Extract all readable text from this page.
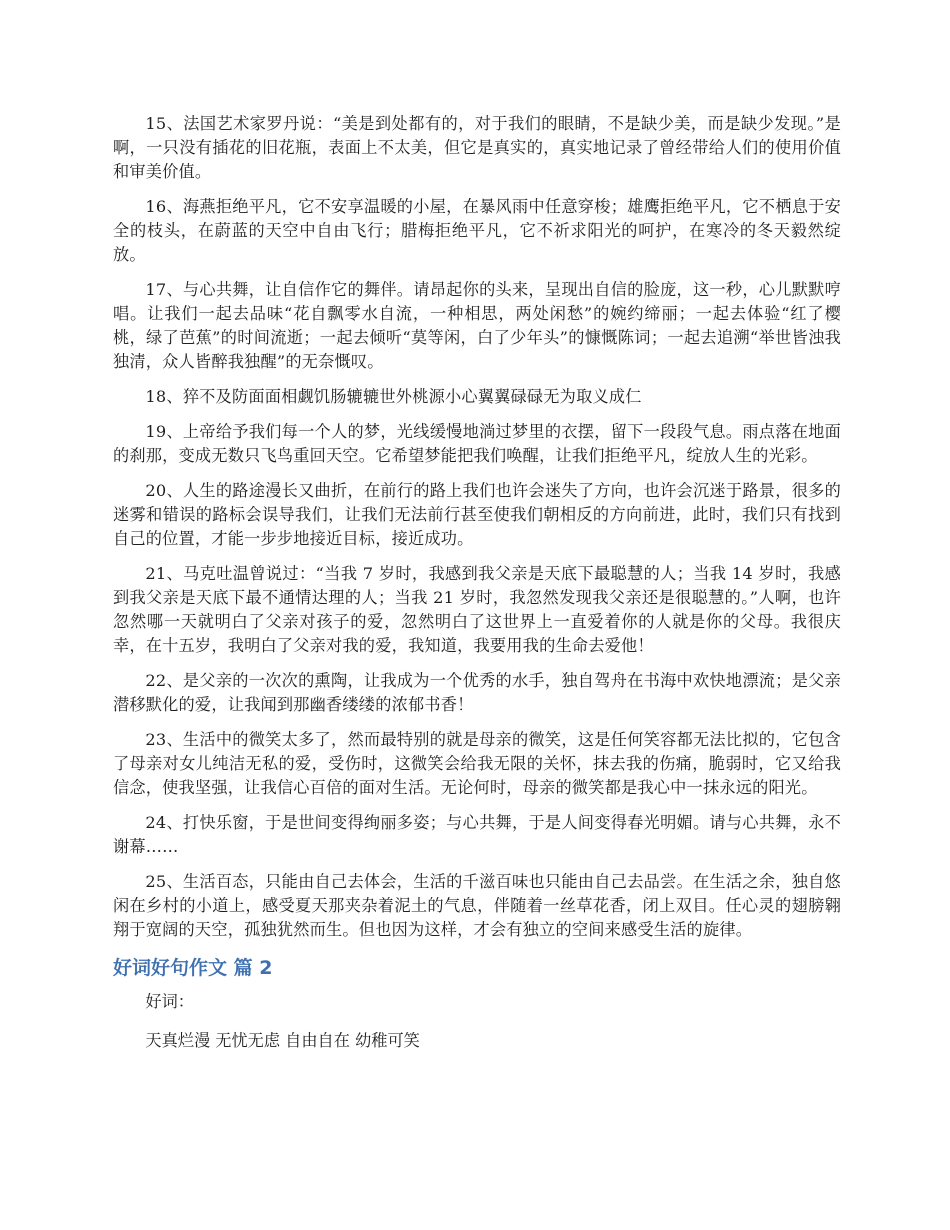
15、法国艺术家罗丹说：“美是到处都有的，对于我们的眼睛，不是缺少美，而是缺少发现。”是啊，一只没有插花的旧花瓶，表面上不太美，但它是真实的，真实地记录了曾经带给人们的使用价值和审美价值。

16、海燕拒绝平凡，它不安享温暖的小屋，在暴风雨中任意穿梭；雄鹰拒绝平凡，它不栖息于安全的枝头，在蔚蓝的天空中自由飞行；腊梅拒绝平凡，它不祈求阳光的呵护，在寒冷的冬天毅然绽放。

17、与心共舞，让自信作它的舞伴。请昂起你的头来，呈现出自信的脸庞，这一秒，心儿默默哼唱。让我们一起去品味“花自飘零水自流，一种相思，两处闲愁”的婉约缔丽；一起去体验“红了樱桃，绿了芭蕉”的时间流逝；一起去倾听“莫等闲，白了少年头”的慷慨陈词；一起去追溯“举世皆浊我独清，众人皆醉我独醒”的无奈慨叹。

18、猝不及防面面相觑饥肠辘辘世外桃源小心翼翼碌碌无为取义成仁

19、上帝给予我们每一个人的梦，光线缓慢地淌过梦里的衣摆，留下一段段气息。雨点落在地面的刹那，变成无数只飞鸟重回天空。它希望梦能把我们唤醒，让我们拒绝平凡，绽放人生的光彩。

20、人生的路途漫长又曲折，在前行的路上我们也许会迷失了方向，也许会沉迷于路景，很多的迷雾和错误的路标会误导我们，让我们无法前行甚至使我们朝相反的方向前进，此时，我们只有找到自己的位置，才能一步步地接近目标，接近成功。

21、马克吐温曾说过：“当我 7 岁时，我感到我父亲是天底下最聪慧的人；当我 14 岁时，我感到我父亲是天底下最不通情达理的人；当我 21 岁时，我忽然发现我父亲还是很聪慧的。”人啊，也许忽然哪一天就明白了父亲对孩子的爱，忽然明白了这世界上一直爱着你的人就是你的父母。我很庆幸，在十五岁，我明白了父亲对我的爱，我知道，我要用我的生命去爱他！

22、是父亲的一次次的熏陶，让我成为一个优秀的水手，独自驾舟在书海中欢快地漂流；是父亲潜移默化的爱，让我闻到那幽香缕缕的浓郁书香！

23、生活中的微笑太多了，然而最特别的就是母亲的微笑，这是任何笑容都无法比拟的，它包含了母亲对女儿纯洁无私的爱，受伤时，这微笑会给我无限的关怀，抹去我的伤痛，脆弱时，它又给我信念，使我坚强，让我信心百倍的面对生活。无论何时，母亲的微笑都是我心中一抹永远的阳光。

24、打快乐窗，于是世间变得绚丽多姿；与心共舞，于是人间变得春光明媚。请与心共舞，永不谢幕……

25、生活百态，只能由自己去体会，生活的千滋百味也只能由自己去品尝。在生活之余，独自悠闲在乡村的小道上，感受夏天那夹杂着泥土的气息，伴随着一丝草花香，闭上双目。任心灵的翅膀翱翔于宽阔的天空，孤独犹然而生。但也因为这样，才会有独立的空间来感受生活的旋律。

好词好句作文 篇 2

好词：

天真烂漫 无忧无虑 自由自在 幼稚可笑
